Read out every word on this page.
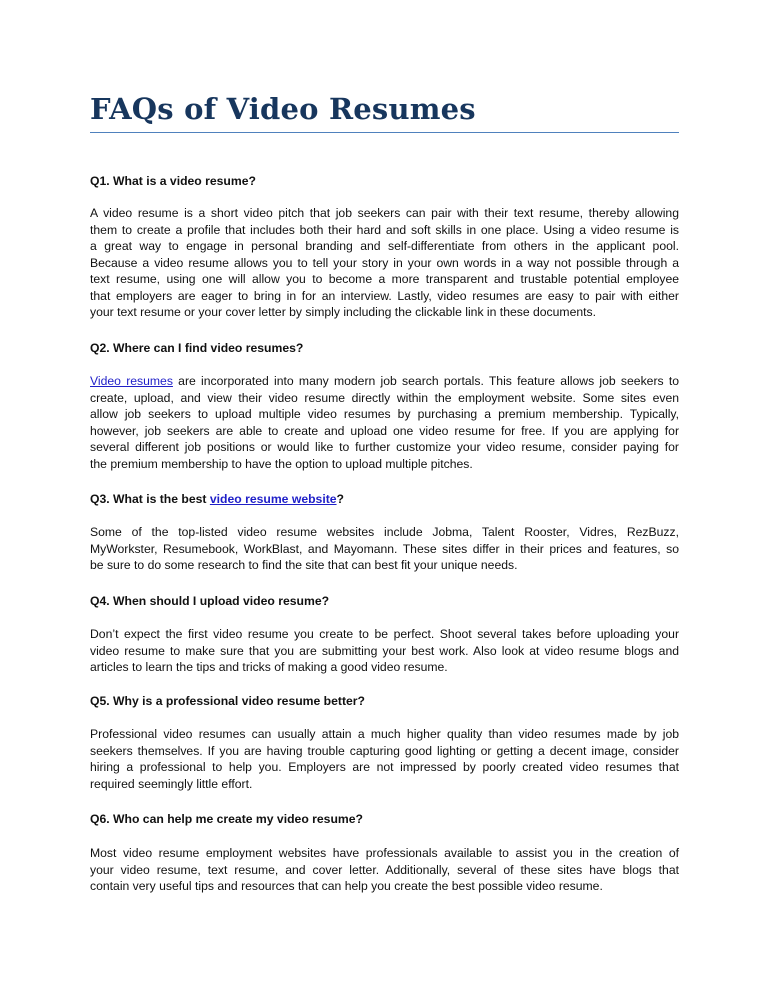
FAQs of Video Resumes

Q1. What is a video resume?

A video resume is a short video pitch that job seekers can pair with their text resume, thereby allowing
them to create a profile that includes both their hard and soft skills in one place. Using a video resume is
a great way to engage in personal branding and self-differentiate from others in the applicant pool.
Because a video resume allows you to tell your story in your own words in a way not possible through a
text resume, using one will allow you to become a more transparent and trustable potential employee
that employers are eager to bring in for an interview. Lastly, video resumes are easy to pair with either
your text resume or your cover letter by simply including the clickable link in these documents.

Q2. Where can I find video resumes?

Video resumes are incorporated into many modern job search portals. This feature allows job seekers to
create, upload, and view their video resume directly within the employment website. Some sites even
allow job seekers to upload multiple video resumes by purchasing a premium membership. Typically,
however, job seekers are able to create and upload one video resume for free. If you are applying for
several different job positions or would like to further customize your video resume, consider paying for
the premium membership to have the option to upload multiple pitches.

Q3. What is the best video resume website?

Some of the top-listed video resume websites include Jobma, Talent Rooster, Vidres, RezBuzz,
MyWorkster, Resumebook, WorkBlast, and Mayomann. These sites differ in their prices and features, so
be sure to do some research to find the site that can best fit your unique needs.

Q4. When should I upload video resume?

Don’t expect the first video resume you create to be perfect. Shoot several takes before uploading your
video resume to make sure that you are submitting your best work. Also look at video resume blogs and
articles to learn the tips and tricks of making a good video resume.

Q5. Why is a professional video resume better?

Professional video resumes can usually attain a much higher quality than video resumes made by job
seekers themselves. If you are having trouble capturing good lighting or getting a decent image, consider
hiring a professional to help you. Employers are not impressed by poorly created video resumes that
required seemingly little effort.

Q6. Who can help me create my video resume?

Most video resume employment websites have professionals available to assist you in the creation of
your video resume, text resume, and cover letter. Additionally, several of these sites have blogs that
contain very useful tips and resources that can help you create the best possible video resume.
